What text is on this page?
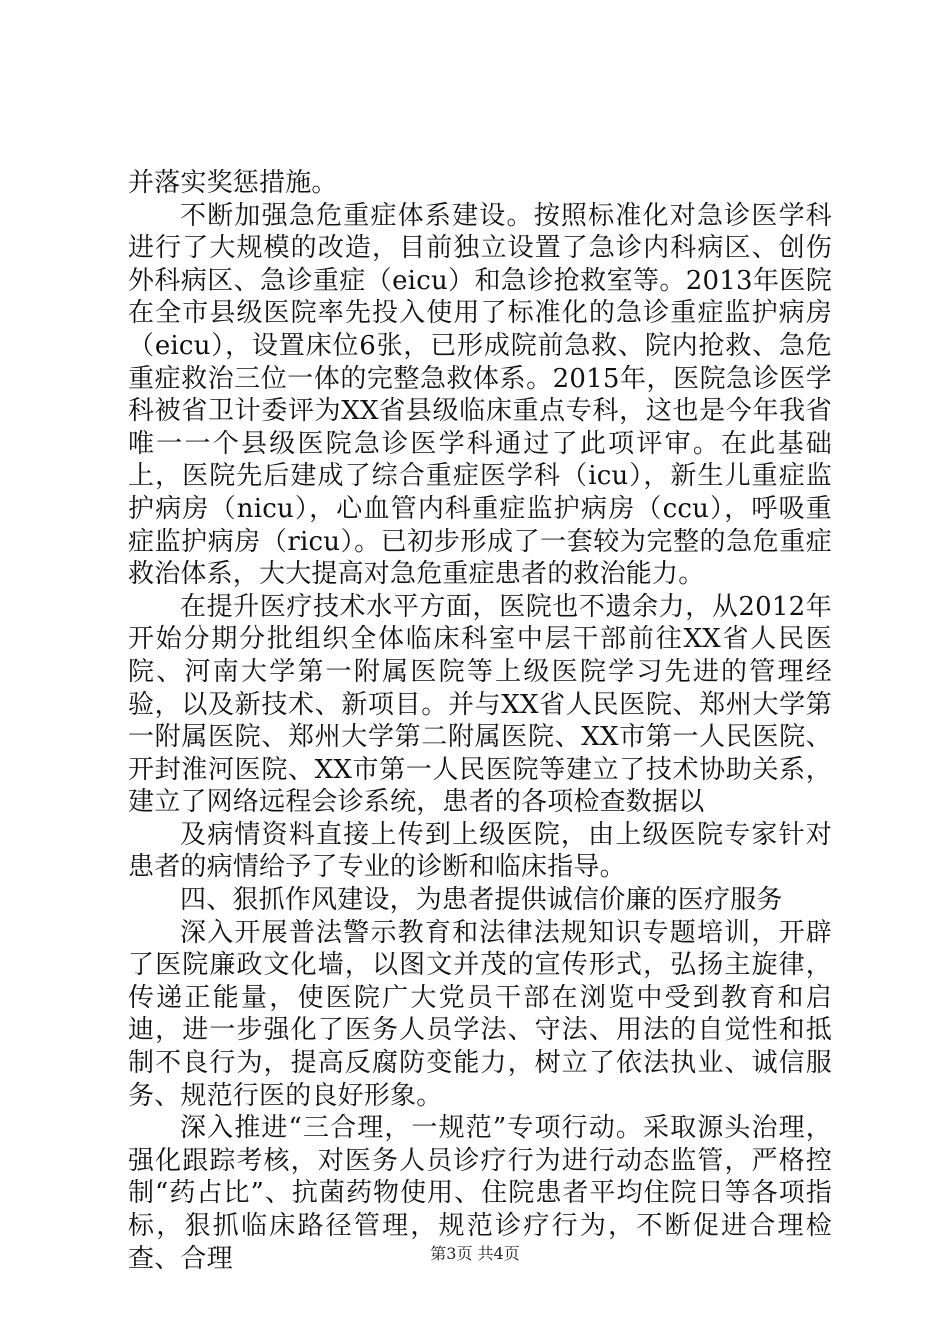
并落实奖惩措施。

不断加强急危重症体系建设。按照标准化对急诊医学科进行了大规模的改造，目前独立设置了急诊内科病区、创伤外科病区、急诊重症（eicu）和急诊抢救室等。2013年医院在全市县级医院率先投入使用了标准化的急诊重症监护病房（eicu），设置床位6张，已形成院前急救、院内抢救、急危重症救治三位一体的完整急救体系。2015年，医院急诊医学科被省卫计委评为XX省县级临床重点专科，这也是今年我省唯一一个县级医院急诊医学科通过了此项评审。在此基础上，医院先后建成了综合重症医学科（icu），新生儿重症监护病房（nicu），心血管内科重症监护病房（ccu），呼吸重症监护病房（ricu）。已初步形成了一套较为完整的急危重症救治体系，大大提高对急危重症患者的救治能力。

在提升医疗技术水平方面，医院也不遗余力，从2012年开始分期分批组织全体临床科室中层干部前往XX省人民医院、河南大学第一附属医院等上级医院学习先进的管理经验，以及新技术、新项目。并与XX省人民医院、郑州大学第一附属医院、郑州大学第二附属医院、XX市第一人民医院、开封淮河医院、XX市第一人民医院等建立了技术协助关系，建立了网络远程会诊系统，患者的各项检查数据以

及病情资料直接上传到上级医院，由上级医院专家针对患者的病情给予了专业的诊断和临床指导。

四、狠抓作风建设，为患者提供诚信价廉的医疗服务

深入开展普法警示教育和法律法规知识专题培训，开辟了医院廉政文化墙，以图文并茂的宣传形式，弘扬主旋律，传递正能量，使医院广大党员干部在浏览中受到教育和启迪，进一步强化了医务人员学法、守法、用法的自觉性和抵制不良行为，提高反腐防变能力，树立了依法执业、诚信服务、规范行医的良好形象。

深入推进“三合理，一规范”专项行动。采取源头治理，强化跟踪考核，对医务人员诊疗行为进行动态监管，严格控制“药占比”、抗菌药物使用、住院患者平均住院日等各项指标，狠抓临床路径管理，规范诊疗行为，不断促进合理检查、合理	第3页 共4页
